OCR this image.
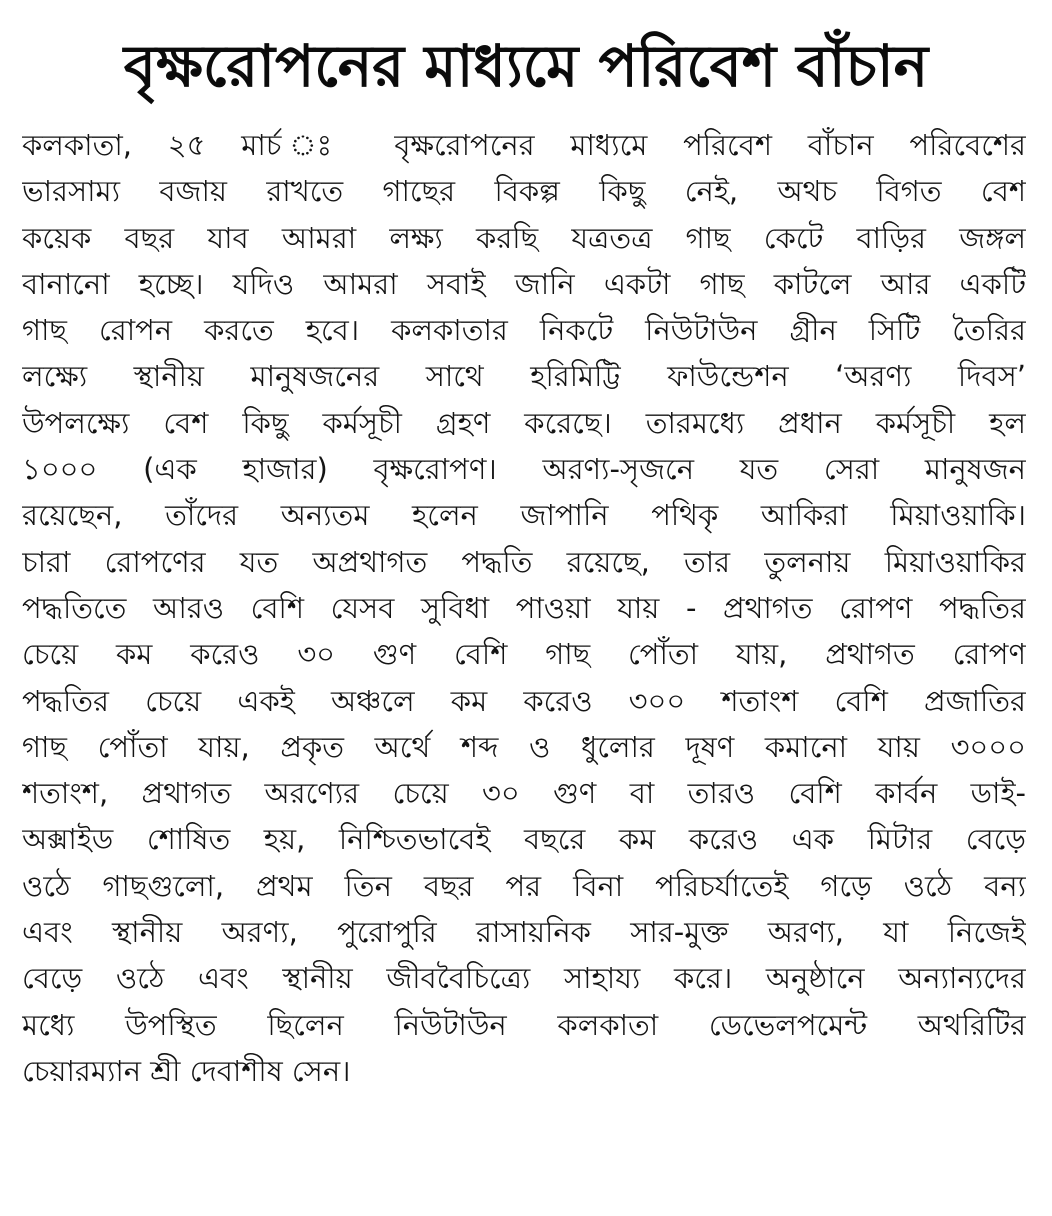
বৃক্ষরোপনের মাধ্যমে পরিবেশ বাঁচান
কলকাতা, ২৫ মার্চ ঃ বৃক্ষরোপনের মাধ্যমে পরিবেশ বাঁচান পরিবেশের
ভারসাম্য বজায় রাখতে গাছের বিকল্প কিছু নেই, অথচ বিগত বেশ
কয়েক বছর যাব আমরা লক্ষ্য করছি যত্রতত্র গাছ কেটে বাড়ির জঙ্গল
বানানো হচ্ছে। যদিও আমরা সবাই জানি একটা গাছ কাটলে আর একটি
গাছ রোপন করতে হবে। কলকাতার নিকটে নিউটাউন গ্রীন সিটি তৈরির
লক্ষ্যে স্থানীয় মানুষজনের সাথে হরিমিট্টি ফাউন্ডেশন ‘অরণ্য দিবস’
উপলক্ষ্যে বেশ কিছু কর্মসূচী গ্রহণ করেছে। তারমধ্যে প্রধান কর্মসূচী হল
১০০০ (এক হাজার) বৃক্ষরোপণ। অরণ্য-সৃজনে যত সেরা মানুষজন
রয়েছেন, তাঁদের অন্যতম হলেন জাপানি পথিকৃ আকিরা মিয়াওয়াকি।
চারা রোপণের যত অপ্রথাগত পদ্ধতি রয়েছে, তার তুলনায় মিয়াওয়াকির
পদ্ধতিতে আরও বেশি যেসব সুবিধা পাওয়া যায় - প্রথাগত রোপণ পদ্ধতির
চেয়ে কম করেও ৩০ গুণ বেশি গাছ পোঁতা যায়, প্রথাগত রোপণ
পদ্ধতির চেয়ে একই অঞ্চলে কম করেও ৩০০ শতাংশ বেশি প্রজাতির
গাছ পোঁতা যায়, প্রকৃত অর্থে শব্দ ও ধুলোর দূষণ কমানো যায় ৩০০০
শতাংশ, প্রথাগত অরণ্যের চেয়ে ৩০ গুণ বা তারও বেশি কার্বন ডাই-
অক্সাইড শোষিত হয়, নিশ্চিতভাবেই বছরে কম করেও এক মিটার বেড়ে
ওঠে গাছগুলো, প্রথম তিন বছর পর বিনা পরিচর্যাতেই গড়ে ওঠে বন্য
এবং স্থানীয় অরণ্য, পুরোপুরি রাসায়নিক সার-মুক্ত অরণ্য, যা নিজেই
বেড়ে ওঠে এবং স্থানীয় জীববৈচিত্র্যে সাহায্য করে। অনুষ্ঠানে অন্যান্যদের
মধ্যে উপস্থিত ছিলেন নিউটাউন কলকাতা ডেভেলপমেন্ট অথরিটির
চেয়ারম্যান শ্রী দেবাশীষ সেন।
